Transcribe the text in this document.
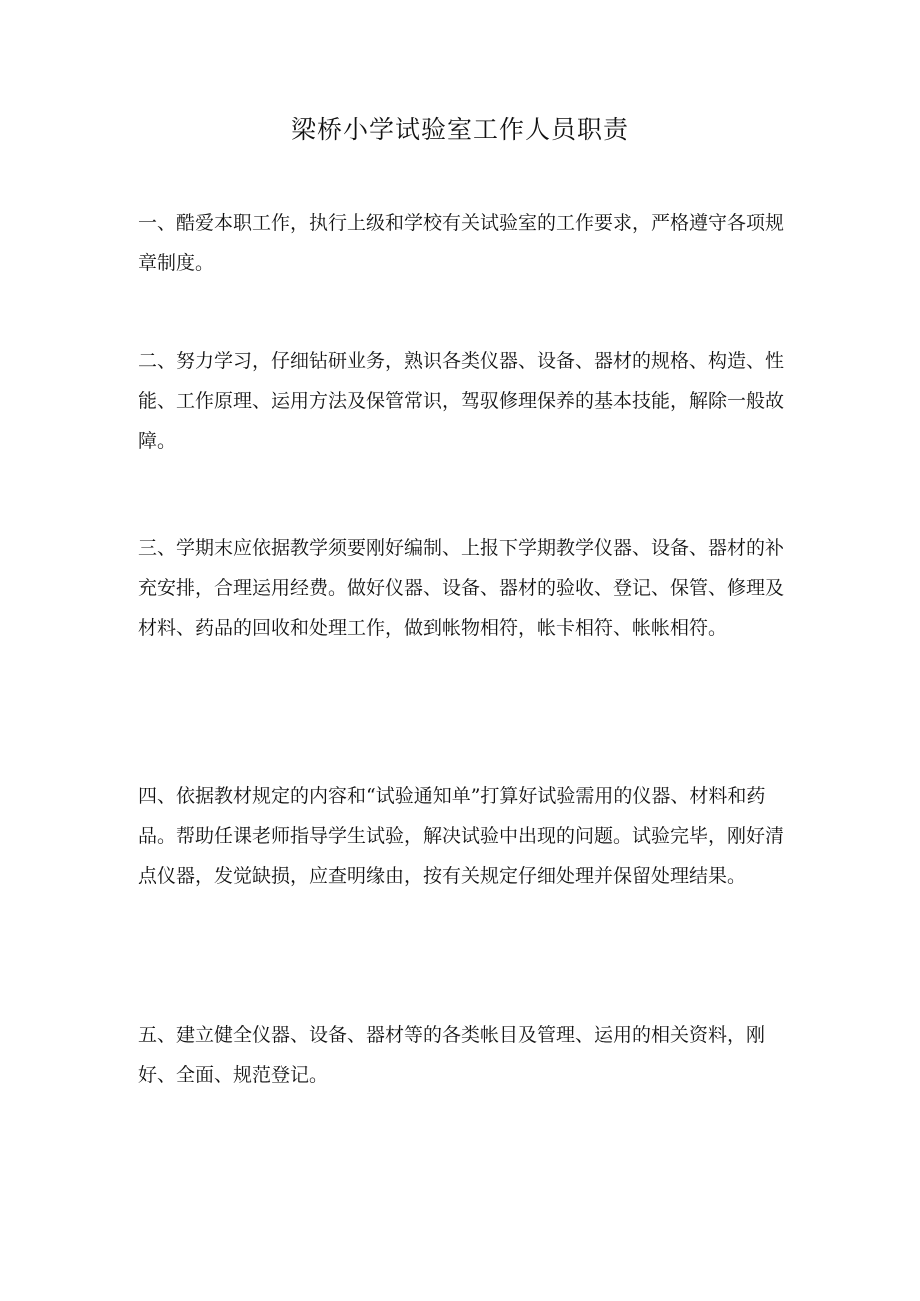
梁桥小学试验室工作人员职责

一、酷爱本职工作，执行上级和学校有关试验室的工作要求，严格遵守各项规章制度。

二、努力学习，仔细钻研业务，熟识各类仪器、设备、器材的规格、构造、性能、工作原理、运用方法及保管常识，驾驭修理保养的基本技能，解除一般故障。

三、学期末应依据教学须要刚好编制、上报下学期教学仪器、设备、器材的补充安排，合理运用经费。做好仪器、设备、器材的验收、登记、保管、修理及材料、药品的回收和处理工作，做到帐物相符，帐卡相符、帐帐相符。

四、依据教材规定的内容和“试验通知单”打算好试验需用的仪器、材料和药品。帮助任课老师指导学生试验，解决试验中出现的问题。试验完毕，刚好清点仪器，发觉缺损，应查明缘由，按有关规定仔细处理并保留处理结果。

五、建立健全仪器、设备、器材等的各类帐目及管理、运用的相关资料，刚好、全面、规范登记。
